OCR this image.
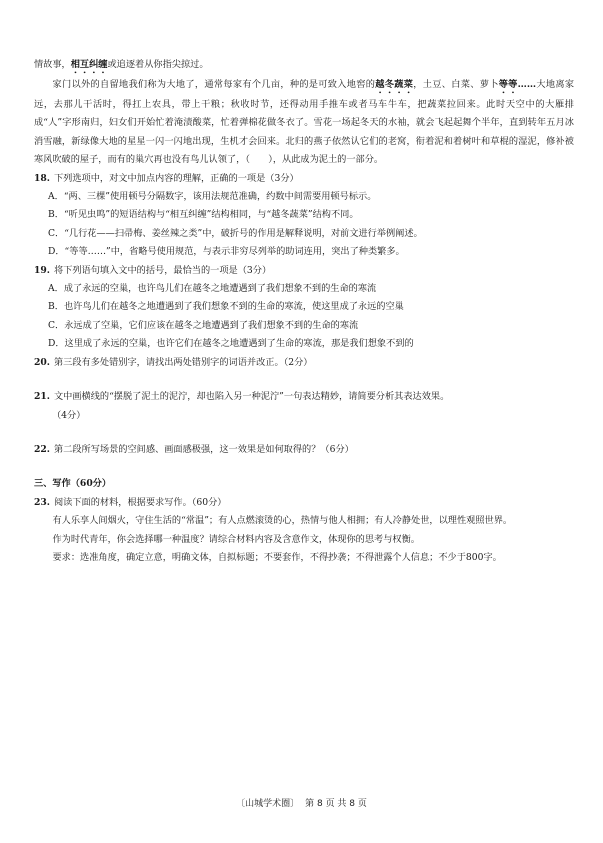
情故事，相互纠缠或追逐着从你指尖掠过。

家门以外的自留地我们称为大地了，通常每家有个几亩，种的是可致入地窖的越冬蔬菜，土豆、白菜、萝卜等等……大地离家远，去那儿干活时，得扛上农具，带上干粮；秋收时节，还得动用手推车或者马车牛车，把蔬菜拉回来。此时天空中的大雁排成“人”字形南归，妇女们开始忙着淹渍酸菜，忙着弹棉花做冬衣了。雪花一场起冬天的水袖，就会飞起起舞个半年，直到转年五月冰消雪融，新绿像大地的星星一闪一闪地出现，生机才会回来。北归的燕子依然认它们的老窝，衔着泥和着树叶和草棍的湿泥，修补被寒风吹破的屋子，而有的巢穴再也没有鸟儿认领了，（　　），从此成为泥土的一部分。

18. 下列选项中，对文中加点内容的理解，正确的一项是（3分）

A．“两、三棵”使用顿号分隔数字，该用法规范准确，约数中间需要用顿号标示。

B．“听见虫鸣”的短语结构与“相互纠缠”结构相同，与“越冬蔬菜”结构不同。

C．“几行花——扫帚梅、姜丝辣之类”中，破折号的作用是解释说明，对前文进行举例阐述。

D．“等等……”中，省略号使用规范，与表示非穷尽列举的助词连用，突出了种类繁多。

19. 将下列语句填入文中的括号，最恰当的一项是（3分）

A．成了永远的空巢，也许鸟儿们在越冬之地遭遇到了我们想象不到的生命的寒流

B．也许鸟儿们在越冬之地遭遇到了我们想象不到的生命的寒流，使这里成了永远的空巢

C．永远成了空巢，它们应该在越冬之地遭遇到了我们想象不到的生命的寒流

D．这里成了永远的空巢，也许它们在越冬之地遭遇到了生命的寒流，那是我们想象不到的

20. 第三段有多处错别字，请找出两处错别字的词语并改正。（2分）

21. 文中画横线的“摆脱了泥土的泥泞，却也陷入另一种泥泞”一句表达精妙，请简要分析其表达效果。

（4分）

22. 第二段所写场景的空间感、画面感极强，这一效果是如何取得的？（6分）

三、写作（60分）

23. 阅读下面的材料，根据要求写作。（60分）

有人乐享人间烟火，守住生活的“常温”；有人点燃滚烫的心，热情与他人相拥；有人冷静处世，以理性观照世界。

作为时代青年，你会选择哪一种温度？请综合材料内容及含意作文，体现你的思考与权衡。

要求：选准角度，确定立意，明确文体，自拟标题；不要套作，不得抄袭；不得泄露个人信息；不少于800字。

〔山城学术圈〕 第 8 页 共 8 页
